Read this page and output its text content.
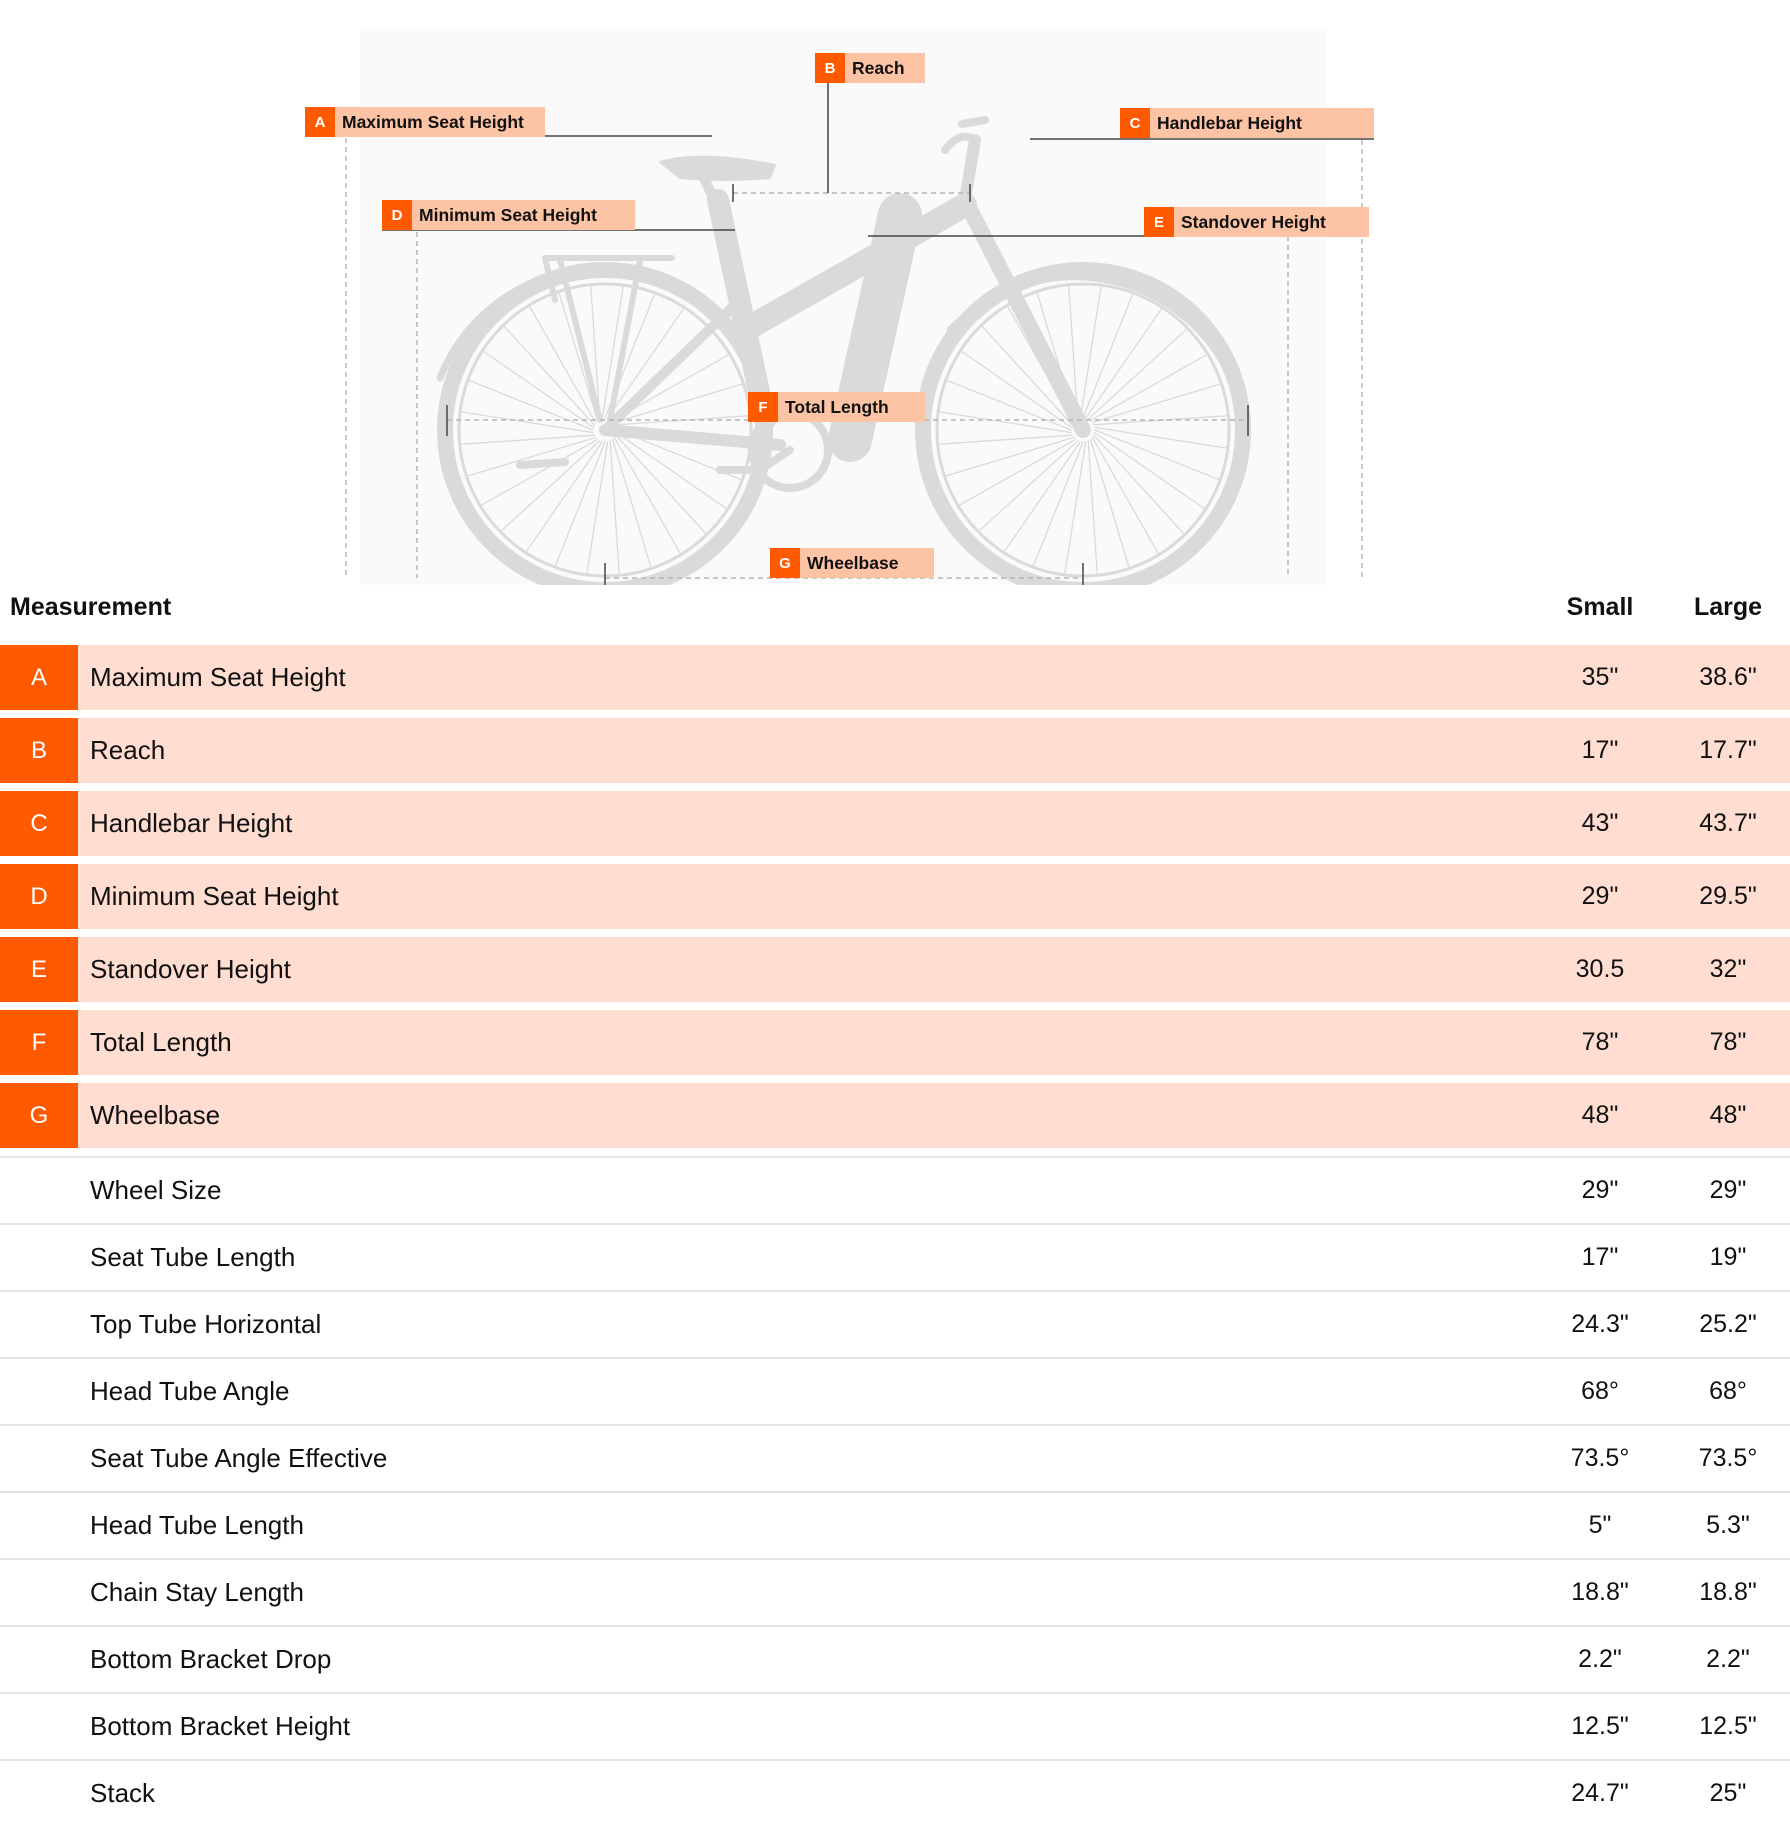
A Maximum Seat Height
B Reach
C Handlebar Height
D Minimum Seat Height	E Standover Height
F Total Length
G Wheelbase
Measurement	Small	Large
A	Maximum Seat Height	35"	38.6"
B	Reach	17"	17.7"
C	Handlebar Height	43"	43.7"
D	Minimum Seat Height	29"	29.5"
E	Standover Height	30.5	32"
F	Total Length	78"	78"
G	Wheelbase	48"	48"
Wheel Size	29"	29"
Seat Tube Length	17"	19"
Top Tube Horizontal	24.3"	25.2"
Head Tube Angle	68°	68°
Seat Tube Angle Effective	73.5°	73.5°
Head Tube Length	5"	5.3"
Chain Stay Length	18.8"	18.8"
Bottom Bracket Drop	2.2"	2.2"
Bottom Bracket Height	12.5"	12.5"
Stack	24.7"	25"
